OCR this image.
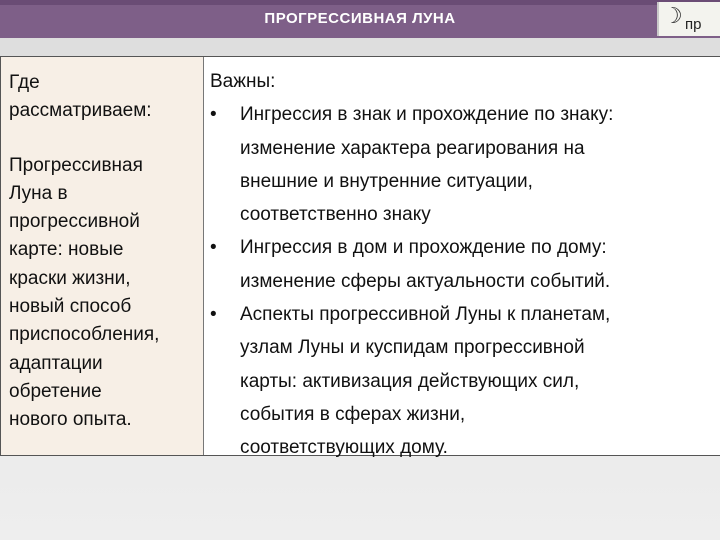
ПРОГРЕССИВНАЯ ЛУНА	☽ пр

Где

рассматриваем:

Прогрессивная

Луна в

прогрессивной

карте: новые

краски жизни,

новый способ

приспособления,

адаптации

обретение

нового опыта.

Важны:

• Ингрессия в знак и прохождение по знаку:
изменение характера реагирования на
внешние и внутренние ситуации,
соответственно знаку
• Ингрессия в дом и прохождение по дому:
изменение сферы актуальности событий.
• Аспекты прогрессивной Луны к планетам,
узлам Луны и куспидам прогрессивной
карты: активизация действующих сил,
события в сферах жизни,
соответствующих дому.
